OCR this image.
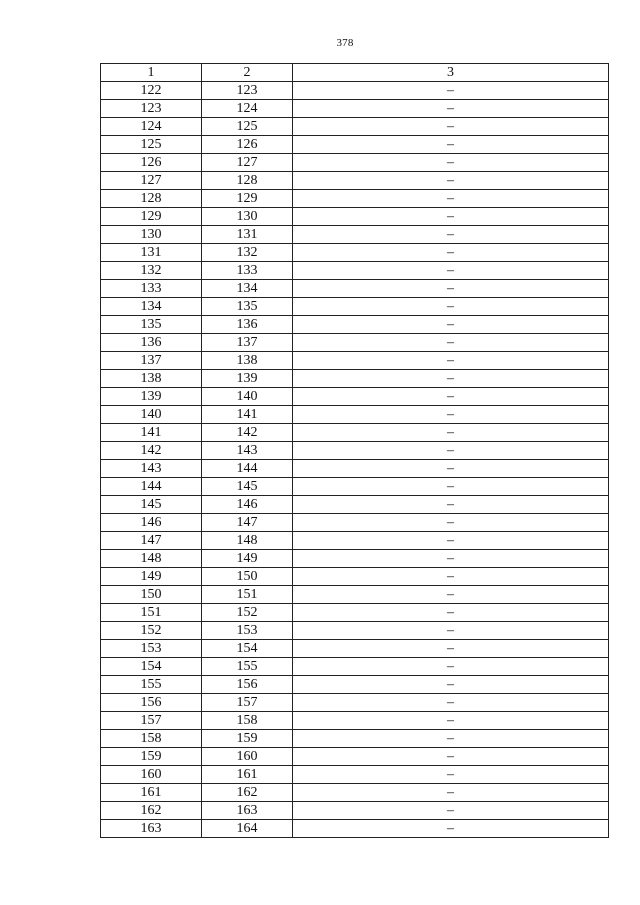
378
1	2	3
122	123	–
123	124	–
124	125	–
125	126	–
126	127	–
127	128	–
128	129	–
129	130	–
130	131	–
131	132	–
132	133	–
133	134	–
134	135	–
135	136	–
136	137	–
137	138	–
138	139	–
139	140	–
140	141	–
141	142	–
142	143	–
143	144	–
144	145	–
145	146	–
146	147	–
147	148	–
148	149	–
149	150	–
150	151	–
151	152	–
152	153	–
153	154	–
154	155	–
155	156	–
156	157	–
157	158	–
158	159	–
159	160	–
160	161	–
161	162	–
162	163	–
163	164	–
